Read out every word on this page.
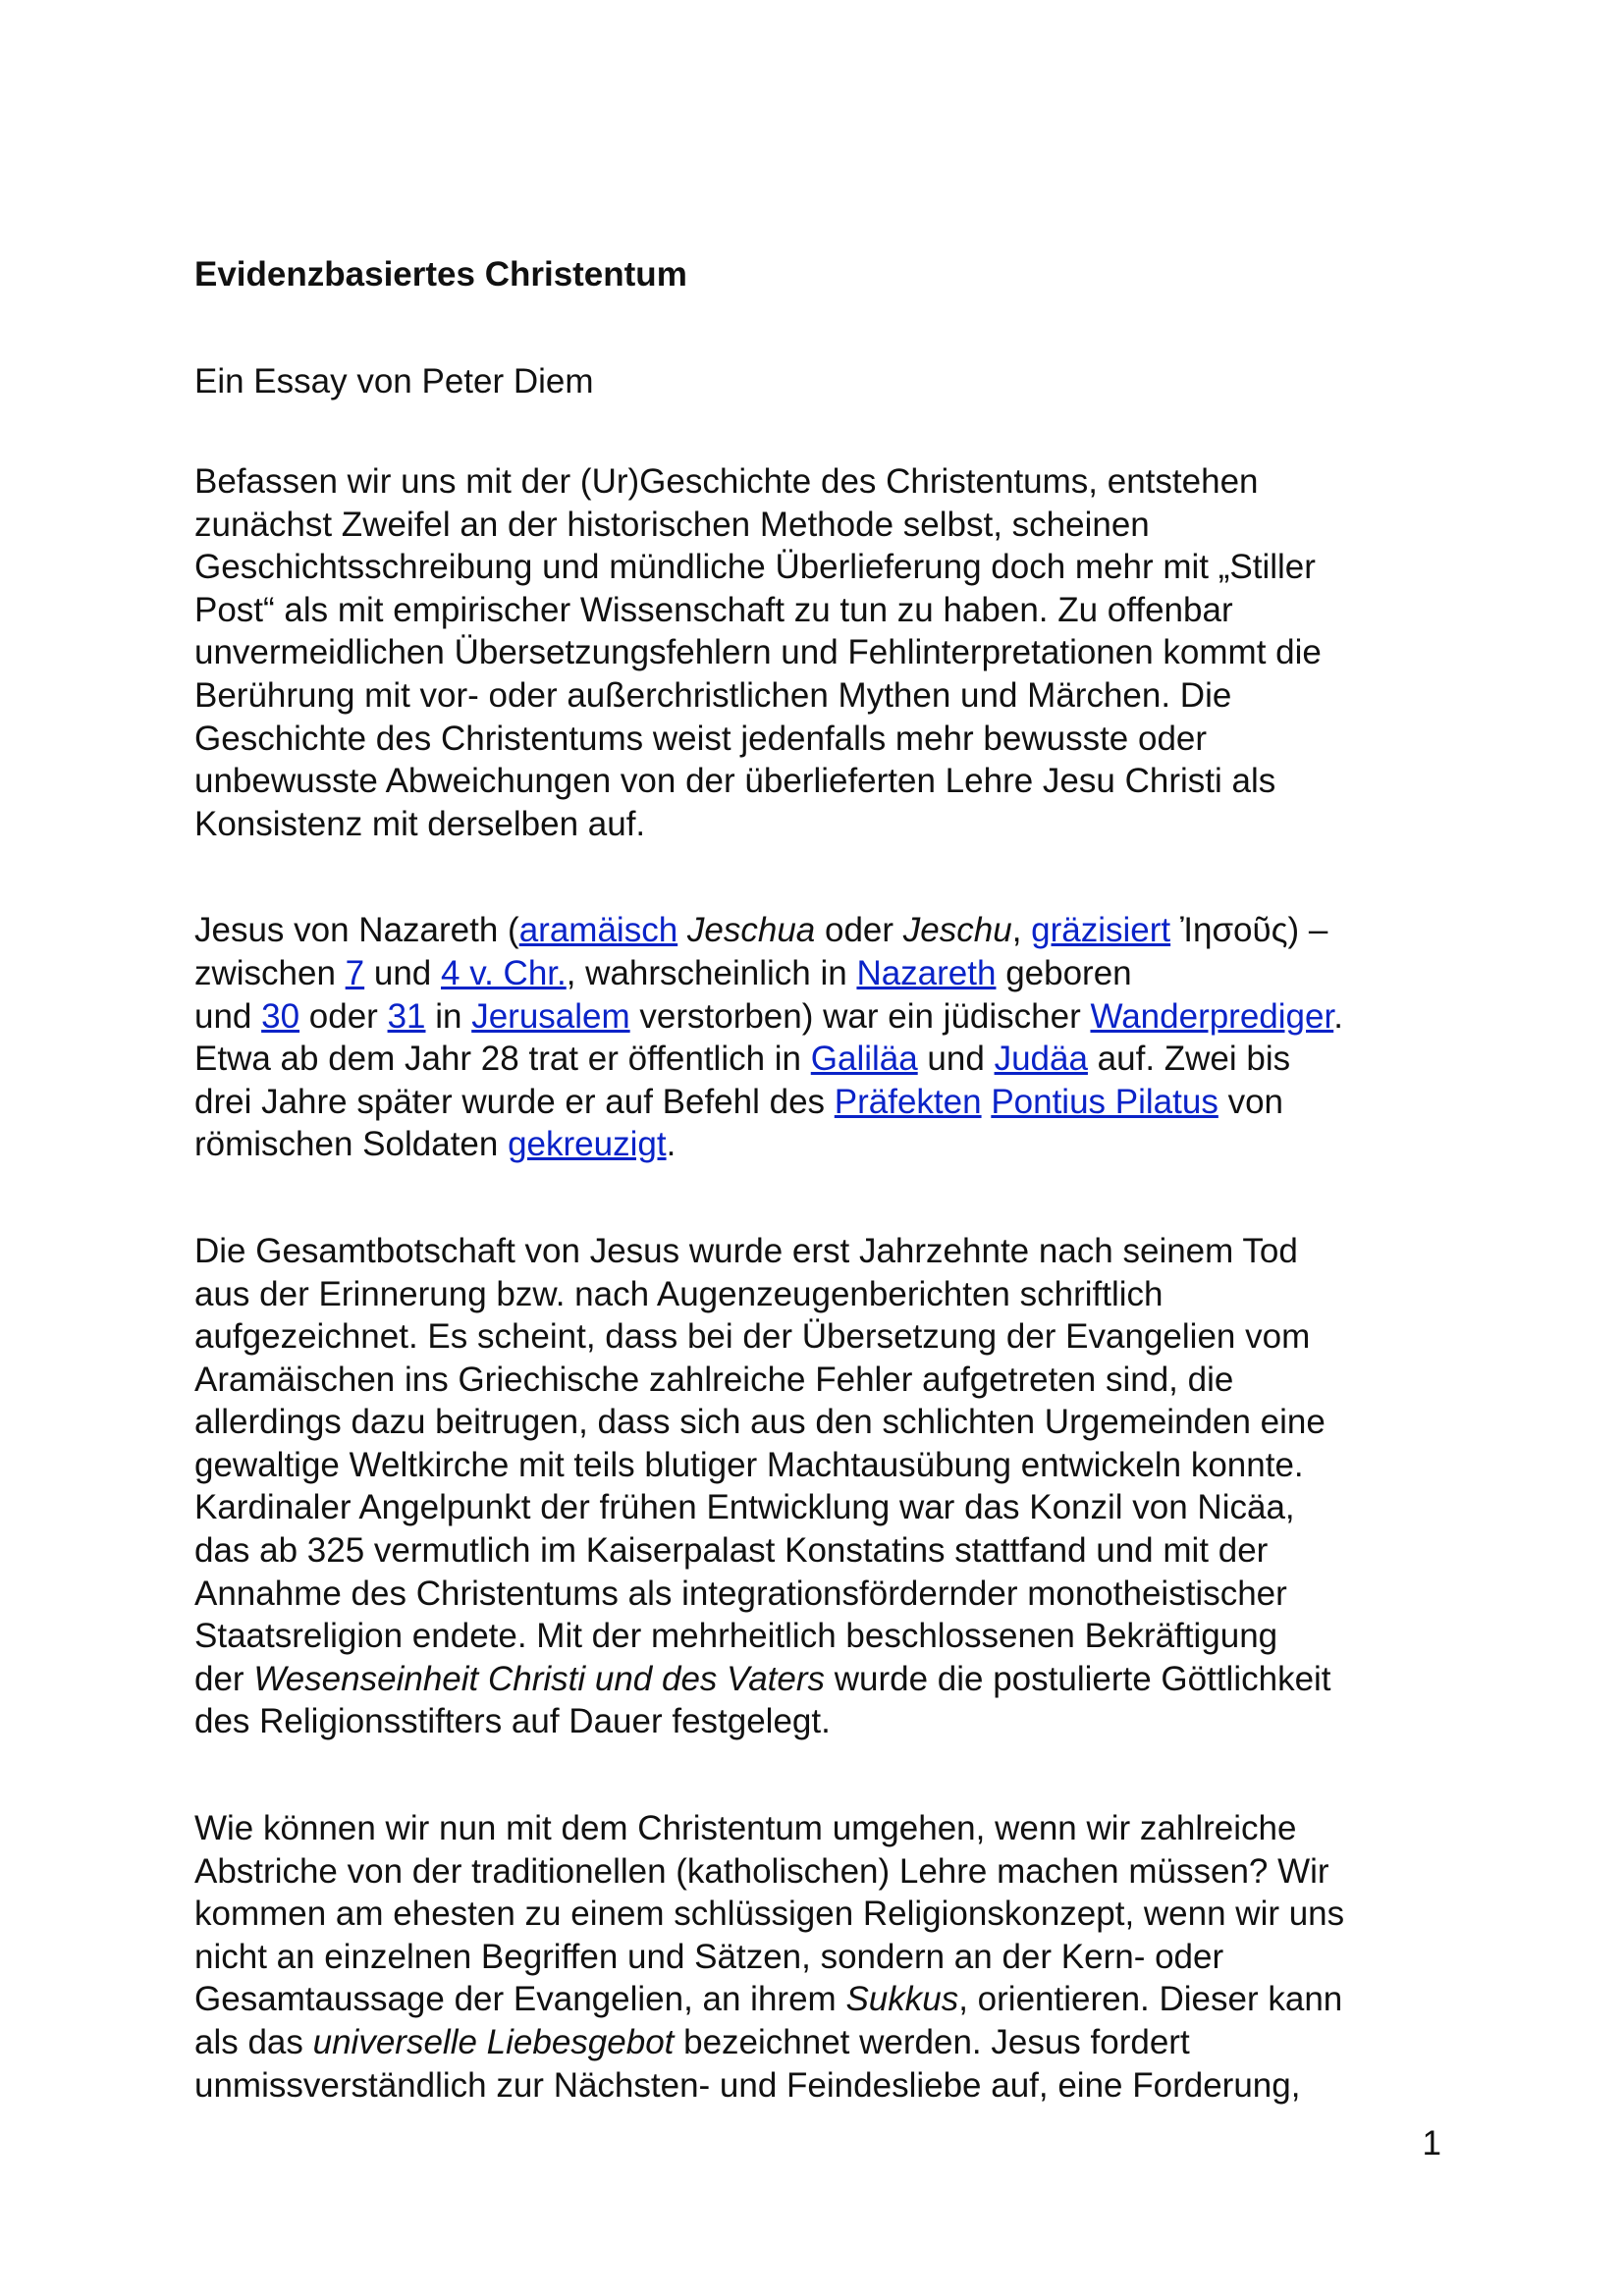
Evidenzbasiertes Christentum

Ein Essay von Peter Diem

Befassen wir uns mit der (Ur)Geschichte des Christentums, entstehen
zunächst Zweifel an der historischen Methode selbst, scheinen
Geschichtsschreibung und mündliche Überlieferung doch mehr mit „Stiller
Post“ als mit empirischer Wissenschaft zu tun zu haben. Zu offenbar
unvermeidlichen Übersetzungsfehlern und Fehlinterpretationen kommt die
Berührung mit vor- oder außerchristlichen Mythen und Märchen. Die
Geschichte des Christentums weist jedenfalls mehr bewusste oder
unbewusste Abweichungen von der überlieferten Lehre Jesu Christi als
Konsistenz mit derselben auf.

Jesus von Nazareth (aramäisch Jeschua oder Jeschu, gräzisiert Ἰησοῦς) –
zwischen 7 und 4 v. Chr., wahrscheinlich in Nazareth geboren
und 30 oder 31 in Jerusalem verstorben) war ein jüdischer Wanderprediger.
Etwa ab dem Jahr 28 trat er öffentlich in Galiläa und Judäa auf. Zwei bis
drei Jahre später wurde er auf Befehl des Präfekten Pontius Pilatus von
römischen Soldaten gekreuzigt.

Die Gesamtbotschaft von Jesus wurde erst Jahrzehnte nach seinem Tod
aus der Erinnerung bzw. nach Augenzeugenberichten schriftlich
aufgezeichnet. Es scheint, dass bei der Übersetzung der Evangelien vom
Aramäischen ins Griechische zahlreiche Fehler aufgetreten sind, die
allerdings dazu beitrugen, dass sich aus den schlichten Urgemeinden eine
gewaltige Weltkirche mit teils blutiger Machtausübung entwickeln konnte.
Kardinaler Angelpunkt der frühen Entwicklung war das Konzil von Nicäa,
das ab 325 vermutlich im Kaiserpalast Konstatins stattfand und mit der
Annahme des Christentums als integrationsfördernder monotheistischer
Staatsreligion endete. Mit der mehrheitlich beschlossenen Bekräftigung
der Wesenseinheit Christi und des Vaters wurde die postulierte Göttlichkeit
des Religionsstifters auf Dauer festgelegt.

Wie können wir nun mit dem Christentum umgehen, wenn wir zahlreiche
Abstriche von der traditionellen (katholischen) Lehre machen müssen? Wir
kommen am ehesten zu einem schlüssigen Religionskonzept, wenn wir uns
nicht an einzelnen Begriffen und Sätzen, sondern an der Kern- oder
Gesamtaussage der Evangelien, an ihrem Sukkus, orientieren. Dieser kann
als das universelle Liebesgebot bezeichnet werden. Jesus fordert
unmissverständlich zur Nächsten- und Feindesliebe auf, eine Forderung,

1
